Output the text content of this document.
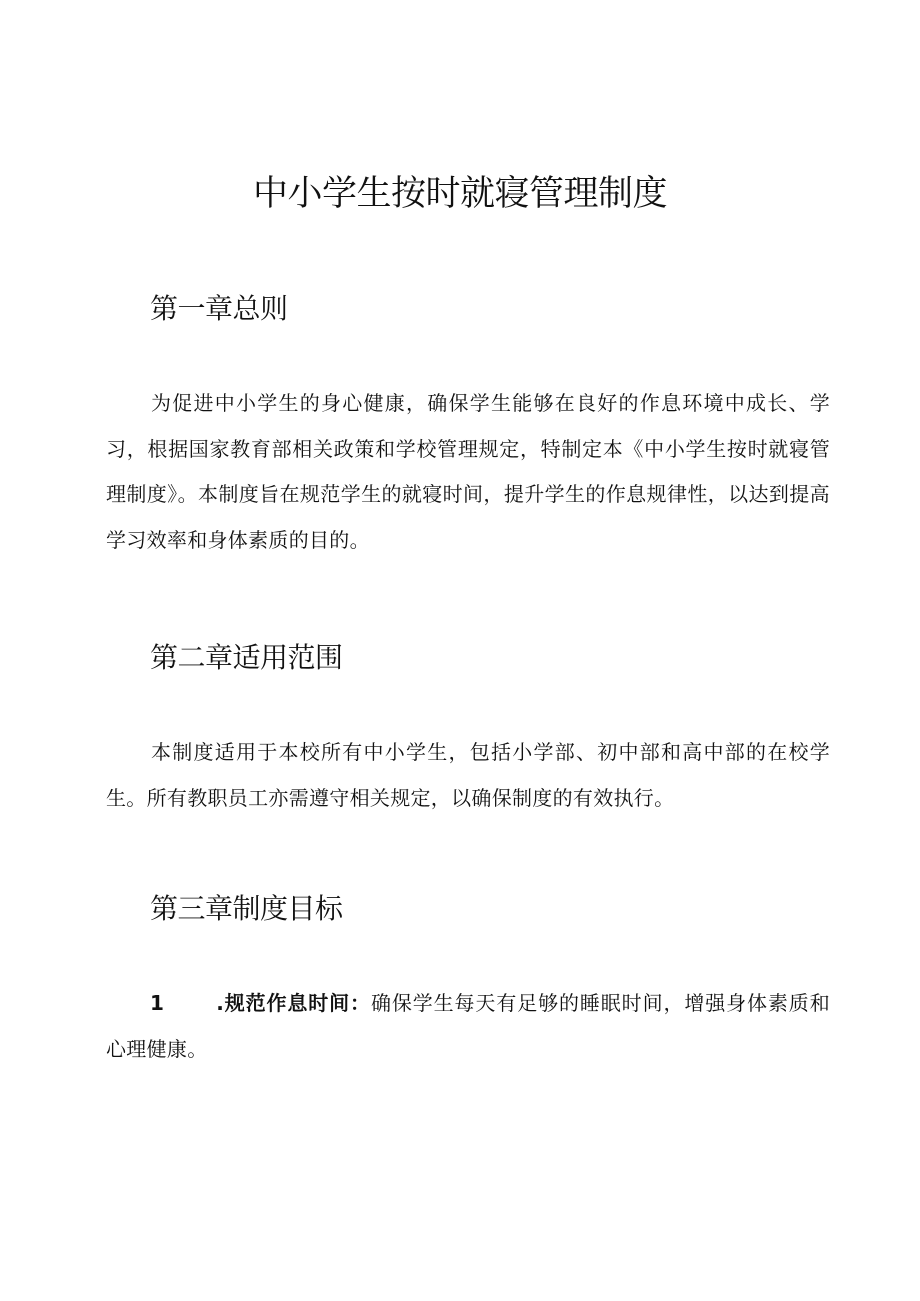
中小学生按时就寝管理制度
第一章总则
为促进中小学生的身心健康，确保学生能够在良好的作息环境中成长、学习，根据国家教育部相关政策和学校管理规定，特制定本《中小学生按时就寝管理制度》。本制度旨在规范学生的就寝时间，提升学生的作息规律性，以达到提高学习效率和身体素质的目的。
第二章适用范围
本制度适用于本校所有中小学生，包括小学部、初中部和高中部的在校学生。所有教职员工亦需遵守相关规定，以确保制度的有效执行。
第三章制度目标
1	.规范作息时间：确保学生每天有足够的睡眠时间，增强身体素质和心理健康。
